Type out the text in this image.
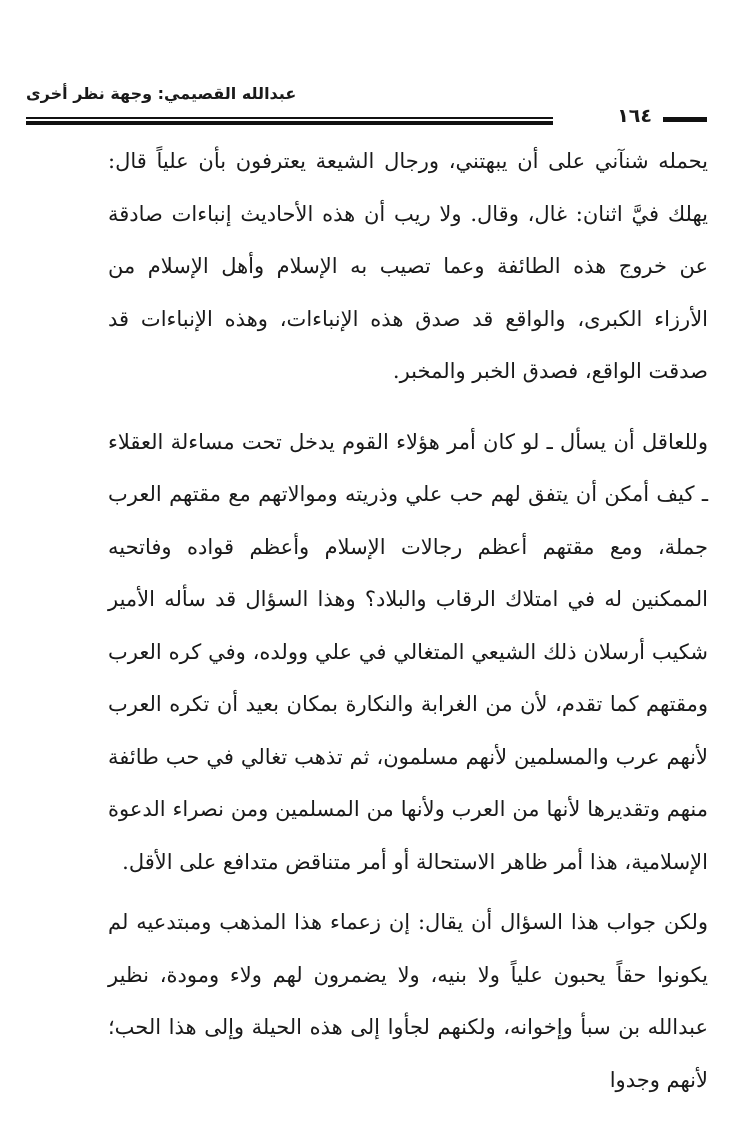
عبدالله القصيمي: وجهة نظر أخرى
١٦٤

يحمله شنآني على أن يبهتني، ورجال الشيعة يعترفون بأن علياً قال: يهلك فيَّ اثنان: غال، وقال. ولا ريب أن هذه الأحاديث إنباءات صادقة عن خروج هذه الطائفة وعما تصيب به الإسلام وأهل الإسلام من الأرزاء الكبرى، والواقع قد صدق هذه الإنباءات، وهذه الإنباءات قد صدقت الواقع، فصدق الخبر والمخبر.

وللعاقل أن يسأل ـ لو كان أمر هؤلاء القوم يدخل تحت مساءلة العقلاء ـ كيف أمكن أن يتفق لهم حب علي وذريته وموالاتهم مع مقتهم العرب جملة، ومع مقتهم أعظم رجالات الإسلام وأعظم قواده وفاتحيه الممكنين له في امتلاك الرقاب والبلاد؟ وهذا السؤال قد سأله الأمير شكيب أرسلان ذلك الشيعي المتغالي في علي وولده، وفي كره العرب ومقتهم كما تقدم، لأن من الغرابة والنكارة بمكان بعيد أن تكره العرب لأنهم عرب والمسلمين لأنهم مسلمون، ثم تذهب تغالي في حب طائفة منهم وتقديرها لأنها من العرب ولأنها من المسلمين ومن نصراء الدعوة الإسلامية، هذا أمر ظاهر الاستحالة أو أمر متناقض متدافع على الأقل.

ولكن جواب هذا السؤال أن يقال: إن زعماء هذا المذهب ومبتدعيه لم يكونوا حقاً يحبون علياً ولا بنيه، ولا يضمرون لهم ولاء ومودة، نظير عبدالله بن سبأ وإخوانه، ولكنهم لجأوا إلى هذه الحيلة وإلى هذا الحب؛ لأنهم وجدوا
